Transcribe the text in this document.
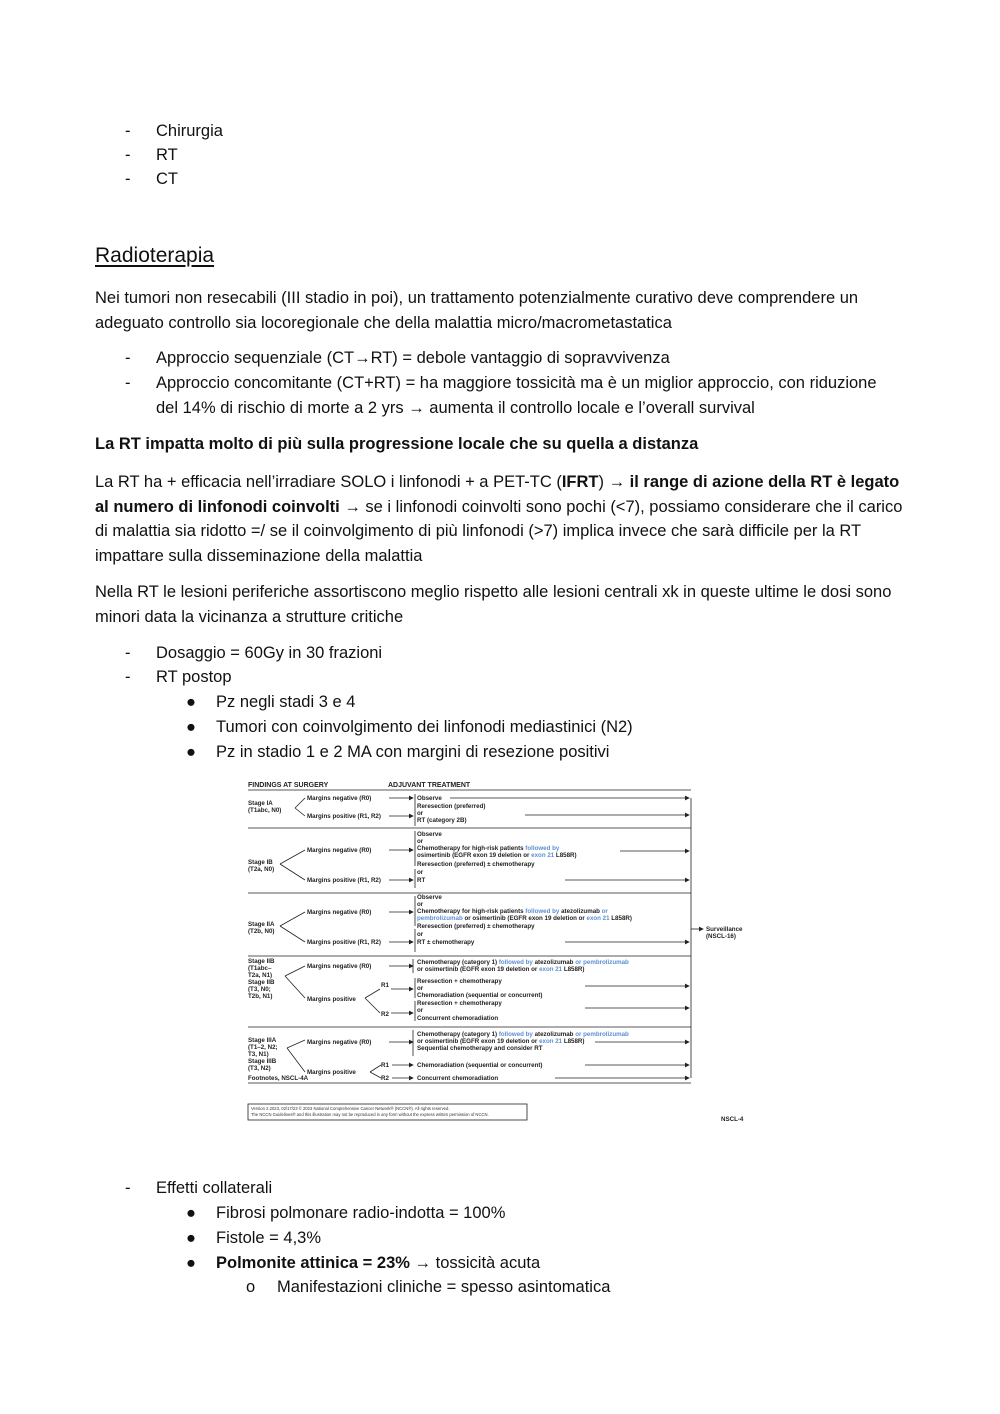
- Chirurgia
- RT
- CT
Radioterapia
Nei tumori non resecabili (III stadio in poi), un trattamento potenzialmente curativo deve comprendere un adeguato controllo sia locoregionale che della malattia micro/macrometastatica
- Approccio sequenziale (CT→RT) = debole vantaggio di sopravvivenza
- Approccio concomitante (CT+RT) = ha maggiore tossicità ma è un miglior approccio, con riduzione del 14% di rischio di morte a 2 yrs → aumenta il controllo locale e l’overall survival
La RT impatta molto di più sulla progressione locale che su quella a distanza
La RT ha + efficacia nell’irradiare SOLO i linfonodi + a PET-TC (IFRT) → il range di azione della RT è legato al numero di linfonodi coinvolti → se i linfonodi coinvolti sono pochi (<7), possiamo considerare che il carico di malattia sia ridotto =/ se il coinvolgimento di più linfonodi (>7) implica invece che sarà difficile per la RT impattare sulla disseminazione della malattia
Nella RT le lesioni periferiche assortiscono meglio rispetto alle lesioni centrali xk in queste ultime le dosi sono minori data la vicinanza a strutture critiche
- Dosaggio = 60Gy in 30 frazioni
- RT postop
● Pz negli stadi 3 e 4
● Tumori con coinvolgimento dei linfonodi mediastinici (N2)
● Pz in stadio 1 e 2 MA con margini di resezione positivi
FINDINGS AT SURGERY	ADJUVANT TREATMENT
Stage IA
(T1abc, N0)
Stage IB
(T2a, N0)
Stage IIA
(T2b, N0)
Stage IIB
(T1abc–
T2a, N1)
Stage IIB
(T3, N0;
T2b, N1)
Stage IIIA
(T1–2, N2;
T3, N1)
Stage IIIB
(T3, N2)
Footnotes, NSCL-4A
Margins negative (R0)
Margins positive (R1, R2)
Margins negative (R0)
Margins positive (R1, R2)
Margins negative (R0)
Margins positive (R1, R2)
Margins negative (R0)
Margins positive
R1
R2
Margins negative (R0)
Margins positive
R1
R2
Observe
Reresection (preferred)
or
RT (category 2B)
Observe
or
Chemotherapy for high-risk patients followed by
osimertinib (EGFR exon 19 deletion or exon 21 L858R)
Reresection (preferred) ± chemotherapy
or
RT
Observe
or
Chemotherapy for high-risk patients followed by atezolizumab or
pembrolizumab or osimertinib (EGFR exon 19 deletion or exon 21 L858R)
Reresection (preferred) ± chemotherapy
or
RT ± chemotherapy
Chemotherapy (category 1) followed by atezolizumab or pembrolizumab
or osimertinib (EGFR exon 19 deletion or exon 21 L858R)
Reresection + chemotherapy
or
Chemoradiation (sequential or concurrent)
Reresection + chemotherapy
or
Concurrent chemoradiation
Chemotherapy (category 1) followed by atezolizumab or pembrolizumab
or osimertinib (EGFR exon 19 deletion or exon 21 L858R)
Sequential chemotherapy and consider RT
Chemoradiation (sequential or concurrent)
Concurrent chemoradiation
Surveillance
(NSCL-16)
NSCL-4
Version 2.2023, 02/17/23 © 2023 National Comprehensive Cancer Network® (NCCN®). All rights reserved.
The NCCN Guidelines® and this illustration may not be reproduced in any form without the express written permission of NCCN.
- Effetti collaterali
● Fibrosi polmonare radio-indotta = 100%
● Fistole = 4,3%
● Polmonite attinica = 23% → tossicità acuta
o Manifestazioni cliniche = spesso asintomatica
